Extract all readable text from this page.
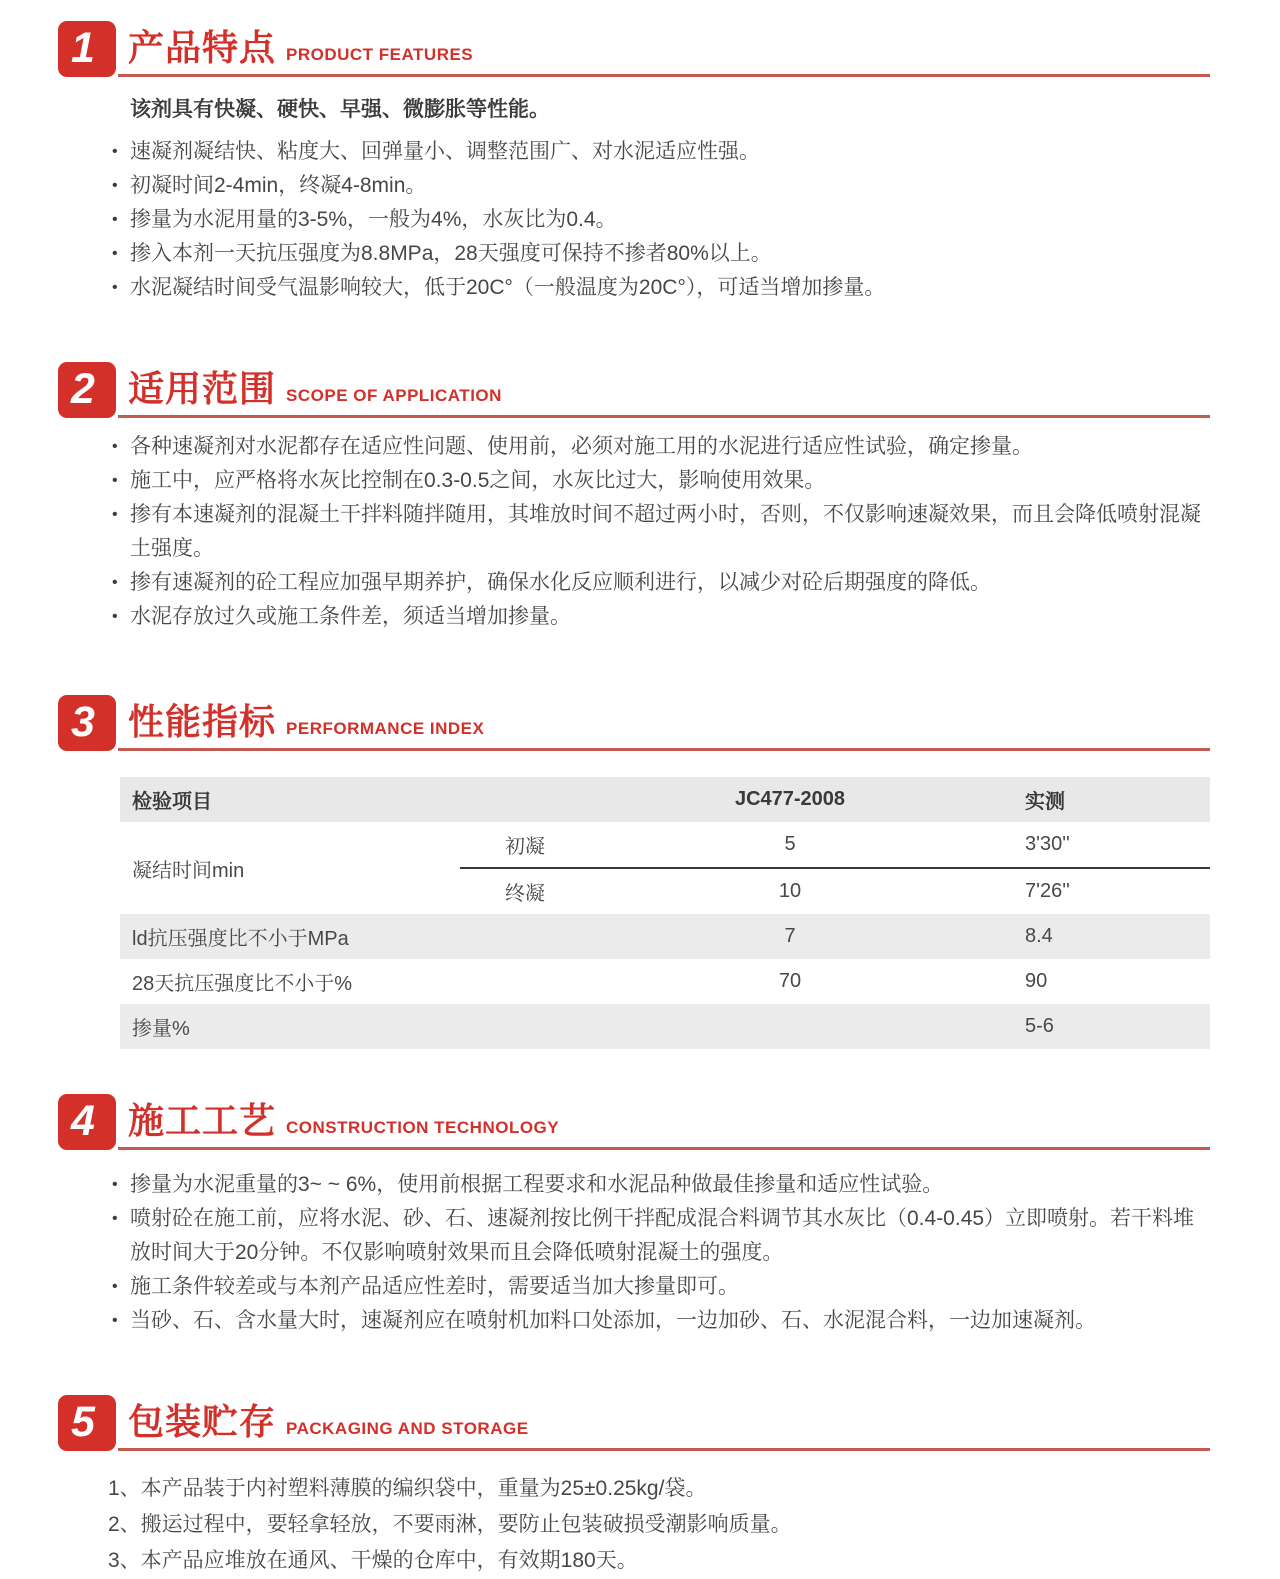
1 产品特点 PRODUCT FEATURES
该剂具有快凝、硬快、早强、微膨胀等性能。
• 速凝剂凝结快、粘度大、回弹量小、调整范围广、对水泥适应性强。
• 初凝时间2-4min，终凝4-8min。
• 掺量为水泥用量的3-5%，一般为4%，水灰比为0.4。
• 掺入本剂一天抗压强度为8.8MPa，28天强度可保持不掺者80%以上。
• 水泥凝结时间受气温影响较大，低于20C°（一般温度为20C°），可适当增加掺量。
2 适用范围 SCOPE OF APPLICATION
• 各种速凝剂对水泥都存在适应性问题、使用前，必须对施工用的水泥进行适应性试验，确定掺量。
• 施工中，应严格将水灰比控制在0.3-0.5之间，水灰比过大，影响使用效果。
• 掺有本速凝剂的混凝土干拌料随拌随用，其堆放时间不超过两小时，否则，不仅影响速凝效果，而且会降低喷射混凝土强度。
• 掺有速凝剂的砼工程应加强早期养护，确保水化反应顺利进行，以减少对砼后期强度的降低。
• 水泥存放过久或施工条件差，须适当增加掺量。
3 性能指标 PERFORMANCE INDEX
检验项目		JC477-2008	实测
凝结时间min	初凝	5	3'30''
	终凝	10	7'26''
ld抗压强度比不小于MPa		7	8.4
28天抗压强度比不小于%		70	90
掺量%			5-6
4 施工工艺 CONSTRUCTION TECHNOLOGY
• 掺量为水泥重量的3~ ~ 6%，使用前根据工程要求和水泥品种做最佳掺量和适应性试验。
• 喷射砼在施工前，应将水泥、砂、石、速凝剂按比例干拌配成混合料调节其水灰比（0.4-0.45）立即喷射。若干料堆放时间大于20分钟。不仅影响喷射效果而且会降低喷射混凝土的强度。
• 施工条件较差或与本剂产品适应性差时，需要适当加大掺量即可。
• 当砂、石、含水量大时，速凝剂应在喷射机加料口处添加，一边加砂、石、水泥混合料，一边加速凝剂。
5 包装贮存 PACKAGING AND STORAGE
1、本产品装于内衬塑料薄膜的编织袋中，重量为25±0.25kg/袋。
2、搬运过程中，要轻拿轻放，不要雨淋，要防止包装破损受潮影响质量。
3、本产品应堆放在通风、干燥的仓库中，有效期180天。
